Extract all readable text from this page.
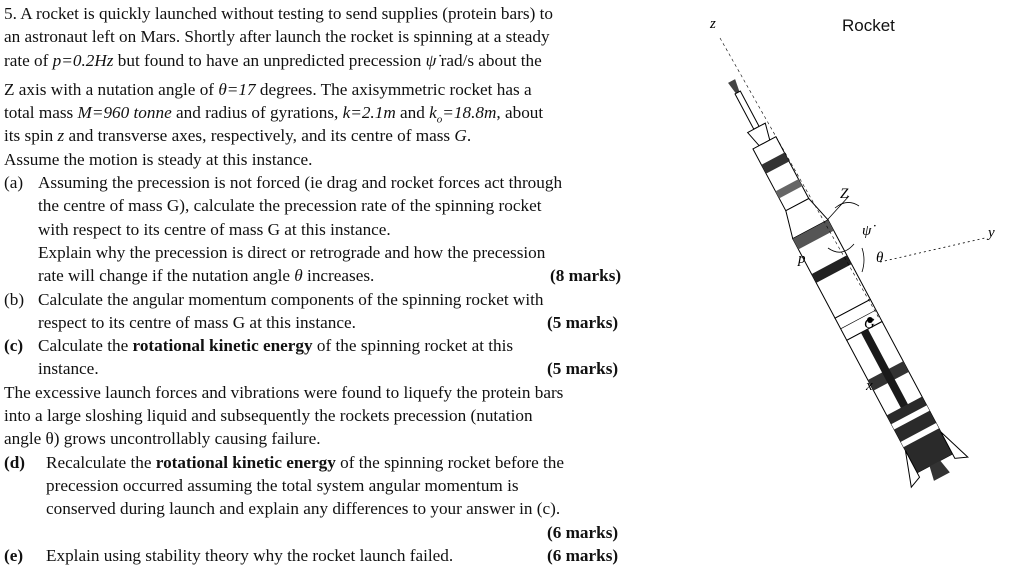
5. A rocket is quickly launched without testing to send supplies (protein bars) to
an astronaut left on Mars. Shortly after launch the rocket is spinning at a steady
rate of p=0.2Hz but found to have an unpredicted precession ψ̇ rad/s about the
Z axis with a nutation angle of θ=17 degrees. The axisymmetric rocket has a
total mass M=960 tonne and radius of gyrations, k=2.1m and $k_o=18.8m$, about
its spin z and transverse axes, respectively, and its centre of mass G.
Assume the motion is steady at this instance.
(a) Assuming the precession is not forced (ie drag and rocket forces act through
the centre of mass G), calculate the precession rate of the spinning rocket
with respect to its centre of mass G at this instance.
Explain why the precession is direct or retrograde and how the precession
rate will change if the nutation angle θ increases.	(8 marks)
(b) Calculate the angular momentum components of the spinning rocket with
respect to its centre of mass G at this instance.	(5 marks)
(c) Calculate the rotational kinetic energy of the spinning rocket at this
instance.	(5 marks)
The excessive launch forces and vibrations were found to liquefy the protein bars
into a large sloshing liquid and subsequently the rockets precession (nutation
angle θ) grows uncontrollably causing failure.
(d) Recalculate the rotational kinetic energy of the spinning rocket before the
precession occurred assuming the total system angular momentum is
conserved during launch and explain any differences to your answer in (c).
(6 marks)
(e) Explain using stability theory why the rocket launch failed.	(6 marks)
Rocket
z
Z
ψ̇
θ
p
G
x
y
